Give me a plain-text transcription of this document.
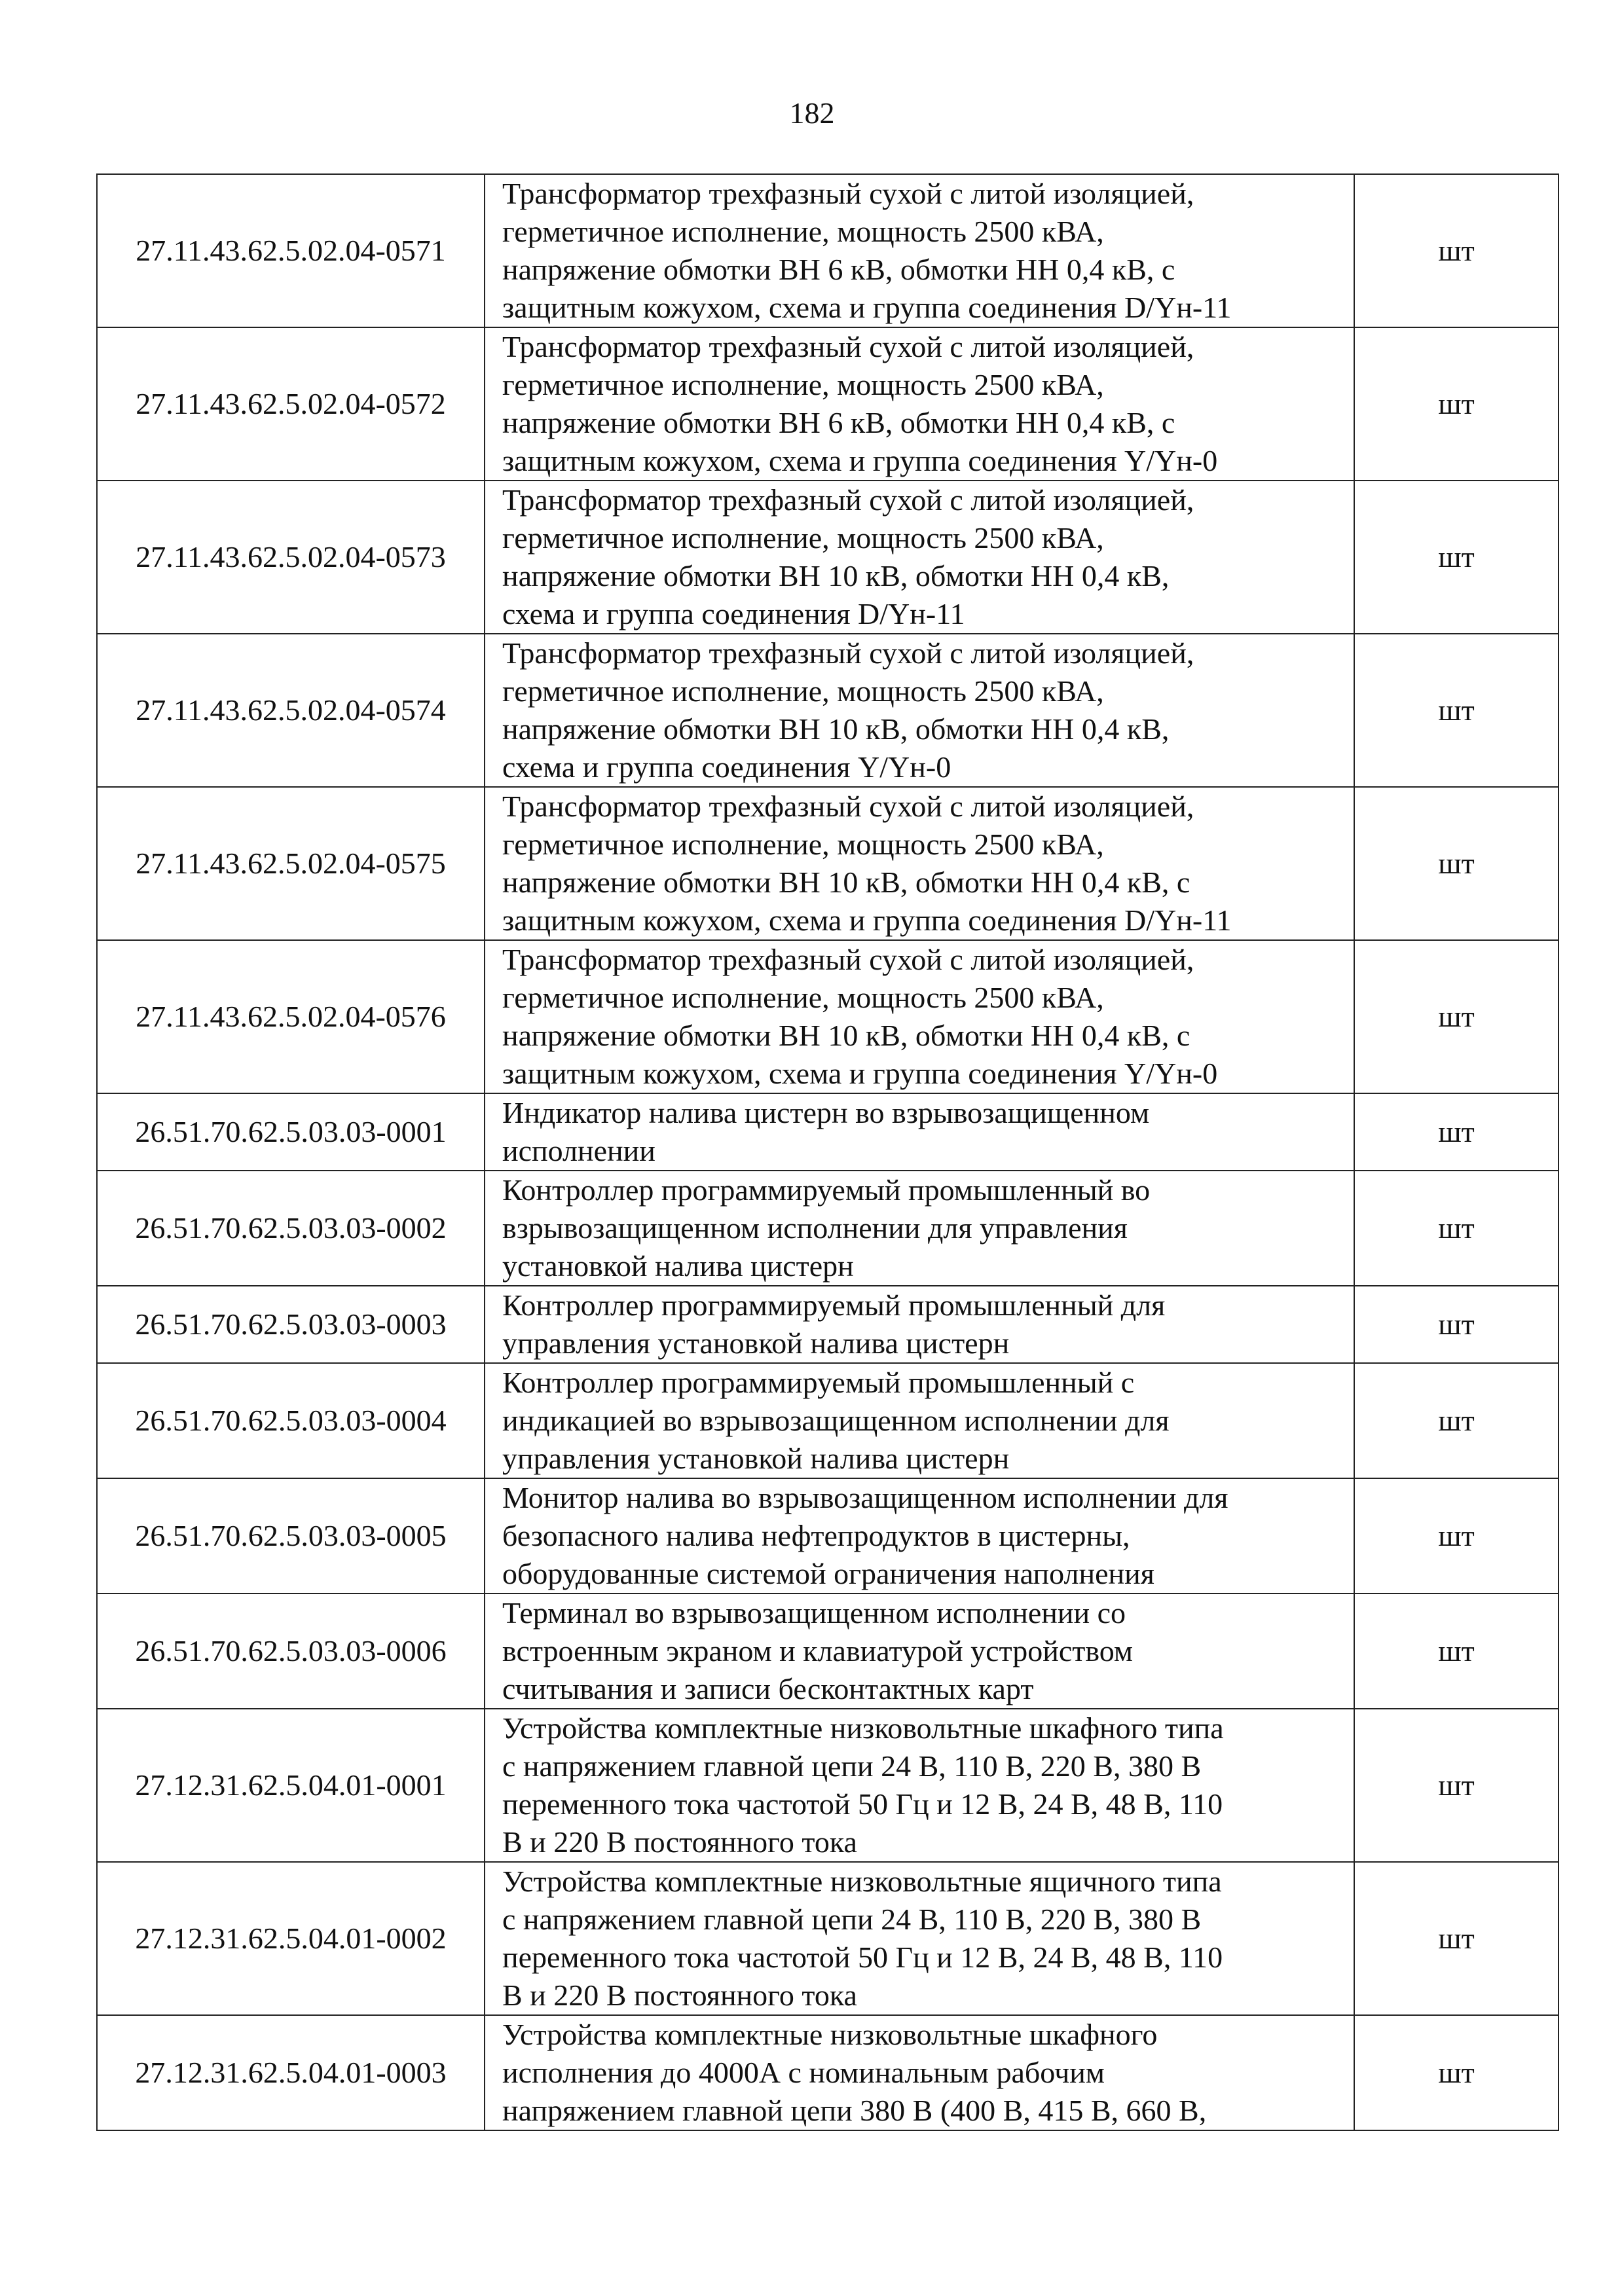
182
27.11.43.62.5.02.04-0571	Трансформатор трехфазный сухой с литой изоляцией,
герметичное исполнение, мощность 2500 кВА,
напряжение обмотки ВН 6 кВ, обмотки НН 0,4 кВ, с
защитным кожухом, схема и группа соединения D/Yн-11	шт
27.11.43.62.5.02.04-0572	Трансформатор трехфазный сухой с литой изоляцией,
герметичное исполнение, мощность 2500 кВА,
напряжение обмотки ВН 6 кВ, обмотки НН 0,4 кВ, с
защитным кожухом, схема и группа соединения Y/Yн-0	шт
27.11.43.62.5.02.04-0573	Трансформатор трехфазный сухой с литой изоляцией,
герметичное исполнение, мощность 2500 кВА,
напряжение обмотки ВН 10 кВ, обмотки НН 0,4 кВ,
схема и группа соединения D/Yн-11	шт
27.11.43.62.5.02.04-0574	Трансформатор трехфазный сухой с литой изоляцией,
герметичное исполнение, мощность 2500 кВА,
напряжение обмотки ВН 10 кВ, обмотки НН 0,4 кВ,
схема и группа соединения Y/Yн-0	шт
27.11.43.62.5.02.04-0575	Трансформатор трехфазный сухой с литой изоляцией,
герметичное исполнение, мощность 2500 кВА,
напряжение обмотки ВН 10 кВ, обмотки НН 0,4 кВ, с
защитным кожухом, схема и группа соединения D/Yн-11	шт
27.11.43.62.5.02.04-0576	Трансформатор трехфазный сухой с литой изоляцией,
герметичное исполнение, мощность 2500 кВА,
напряжение обмотки ВН 10 кВ, обмотки НН 0,4 кВ, с
защитным кожухом, схема и группа соединения Y/Yн-0	шт
26.51.70.62.5.03.03-0001	Индикатор налива цистерн во взрывозащищенном
исполнении	шт
26.51.70.62.5.03.03-0002	Контроллер программируемый промышленный во
взрывозащищенном исполнении для управления
установкой налива цистерн	шт
26.51.70.62.5.03.03-0003	Контроллер программируемый промышленный для
управления установкой налива цистерн	шт
26.51.70.62.5.03.03-0004	Контроллер программируемый промышленный с
индикацией во взрывозащищенном исполнении для
управления установкой налива цистерн	шт
26.51.70.62.5.03.03-0005	Монитор налива во взрывозащищенном исполнении для
безопасного налива нефтепродуктов в цистерны,
оборудованные системой ограничения наполнения	шт
26.51.70.62.5.03.03-0006	Терминал во взрывозащищенном исполнении со
встроенным экраном и клавиатурой устройством
считывания и записи бесконтактных карт	шт
27.12.31.62.5.04.01-0001	Устройства комплектные низковольтные шкафного типа
с напряжением главной цепи 24 В, 110 В, 220 В, 380 В
переменного тока частотой 50 Гц и 12 В, 24 В, 48 В, 110
В и 220 В постоянного тока	шт
27.12.31.62.5.04.01-0002	Устройства комплектные низковольтные ящичного типа
с напряжением главной цепи 24 В, 110 В, 220 В, 380 В
переменного тока частотой 50 Гц и 12 В, 24 В, 48 В, 110
В и 220 В постоянного тока	шт
27.12.31.62.5.04.01-0003	Устройства комплектные низковольтные шкафного
исполнения до 4000А с номинальным рабочим
напряжением главной цепи 380 В (400 В, 415 В, 660 В,	шт
